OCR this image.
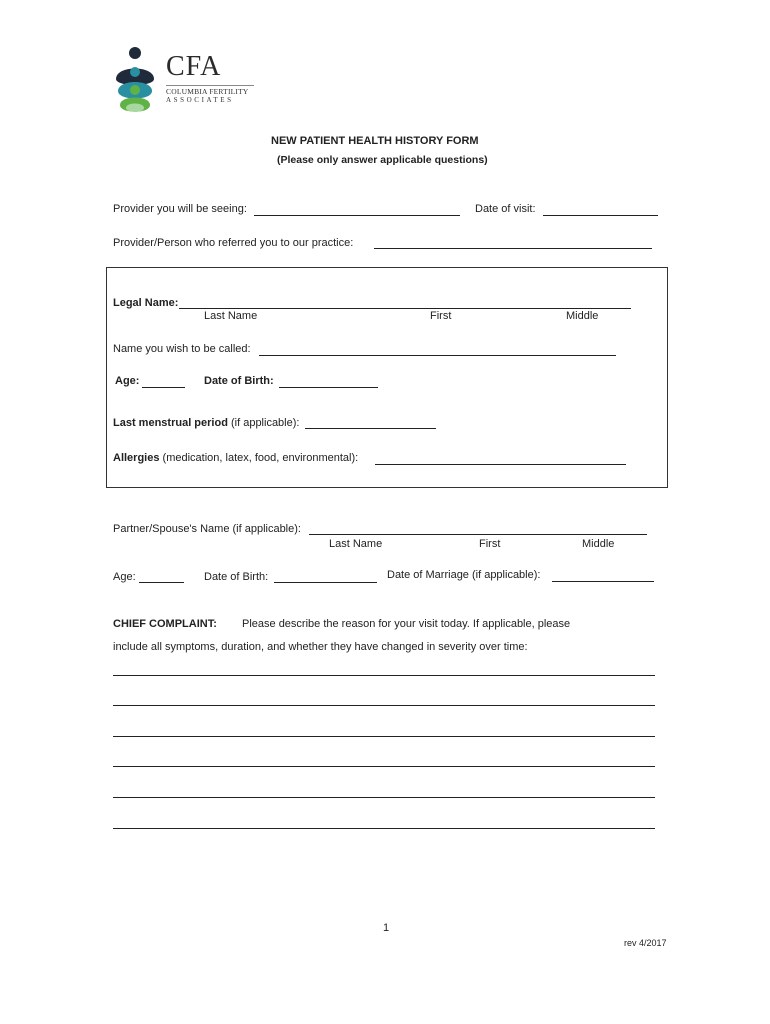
CFA
COLUMBIA FERTILITY
ASSOCIATES
NEW PATIENT HEALTH HISTORY FORM
(Please only answer applicable questions)
Provider you will be seeing:	Date of visit:
Provider/Person who referred you to our practice:
Legal Name:
Last Name	First	Middle
Name you wish to be called:
Age:	Date of Birth:
Last menstrual period (if applicable):
Allergies (medication, latex, food, environmental):
Partner/Spouse's Name (if applicable):
Last Name	First	Middle
Age:	Date of Birth:	Date of Marriage (if applicable):
CHIEF COMPLAINT: Please describe the reason for your visit today. If applicable, please
include all symptoms, duration, and whether they have changed in severity over time:
1
rev 4/2017
